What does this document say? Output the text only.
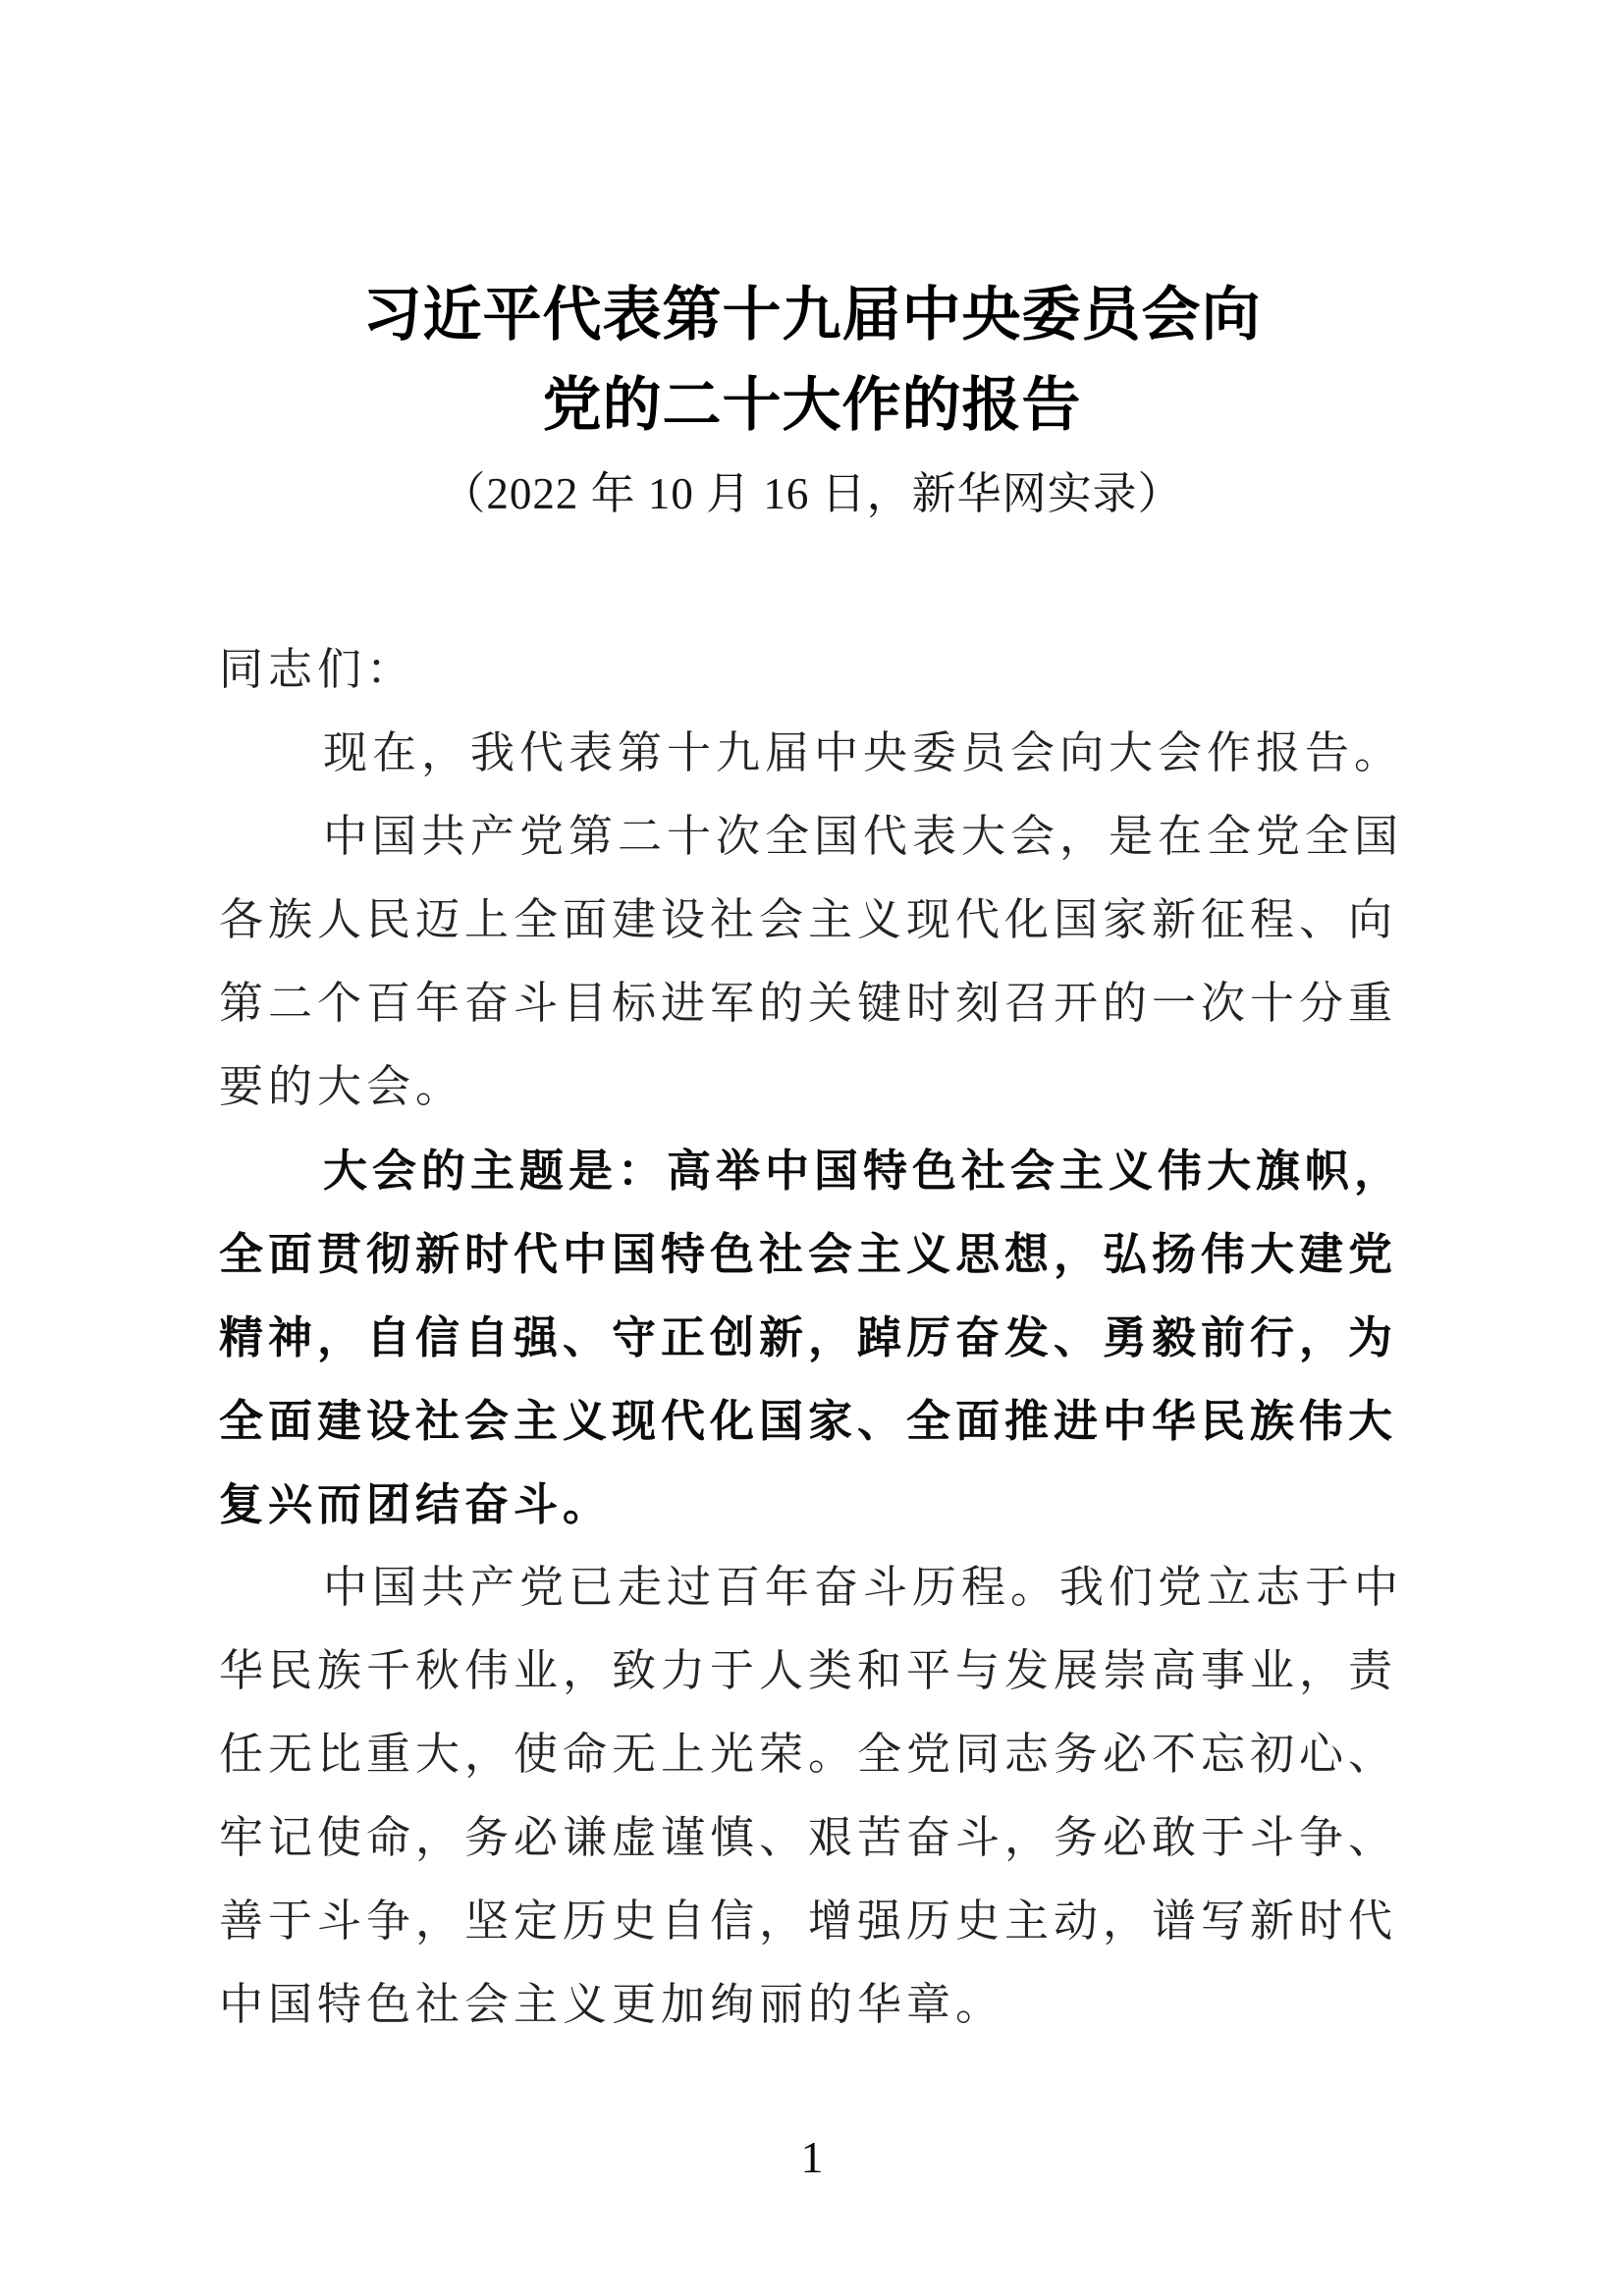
习近平代表第十九届中央委员会向
党的二十大作的报告
（2022 年 10 月 16 日，新华网实录）
同志们：
现在，我代表第十九届中央委员会向大会作报告。
中国共产党第二十次全国代表大会，是在全党全国
各族人民迈上全面建设社会主义现代化国家新征程、向
第二个百年奋斗目标进军的关键时刻召开的一次十分重
要的大会。
大会的主题是：高举中国特色社会主义伟大旗帜，
全面贯彻新时代中国特色社会主义思想，弘扬伟大建党
精神，自信自强、守正创新，踔厉奋发、勇毅前行，为
全面建设社会主义现代化国家、全面推进中华民族伟大
复兴而团结奋斗。
中国共产党已走过百年奋斗历程。我们党立志于中
华民族千秋伟业，致力于人类和平与发展崇高事业，责
任无比重大，使命无上光荣。全党同志务必不忘初心、
牢记使命，务必谦虚谨慎、艰苦奋斗，务必敢于斗争、
善于斗争，坚定历史自信，增强历史主动，谱写新时代
中国特色社会主义更加绚丽的华章。
1
